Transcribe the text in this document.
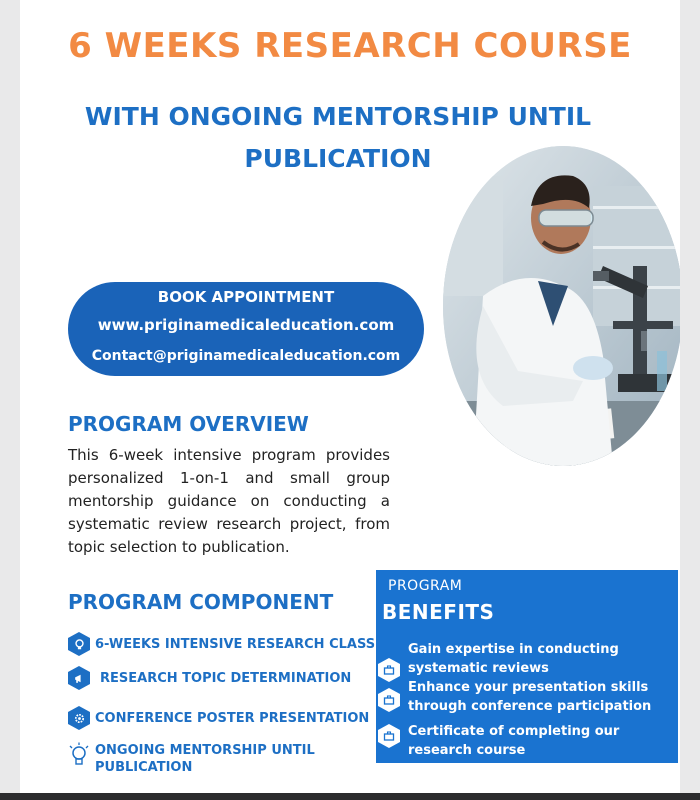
6 WEEKS RESEARCH COURSE
WITH ONGOING MENTORSHIP UNTIL
PUBLICATION
BOOK APPOINTMENT
www.priginamedicaleducation.com
Contact@priginamedicaleducation.com
PROGRAM OVERVIEW
This 6-week intensive program provides personalized 1-on-1 and small group mentorship guidance on conducting a systematic review research project, from topic selection to publication.
PROGRAM COMPONENT
6-WEEKS INTENSIVE RESEARCH CLASS
RESEARCH TOPIC DETERMINATION
CONFERENCE POSTER PRESENTATION
ONGOING MENTORSHIP UNTIL
PUBLICATION
PROGRAM
BENEFITS
Gain expertise in conducting
systematic reviews
Enhance your presentation skills
through conference participation
Certificate of completing our
research course
